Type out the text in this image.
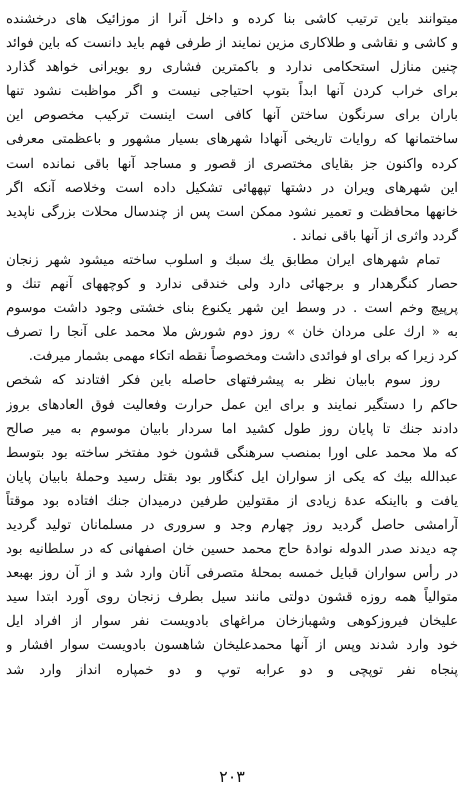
میتوانند باین ترتیب کاشی بنا کرده و داخل آنرا از موزائیک های درخشنده
و کاشی و نقاشی و طلاکاری مزین نمایند از طرفی فهم باید دانست که باین فوائد
چنین منازل استحکامی ندارد و باکمترین فشاری رو بویرانی خواهد گذارد
برای خراب کردن آنها ابداً بتوپ احتیاجی نیست و اگر مواظبت نشود تنها
باران برای سرنگون ساختن آنها کافی است اینست ترکیب مخصوص این
ساختمانها که روایات تاریخی آنهادا شهرهای بسیار مشهور و باعظمتی معرفی
کرده واکنون جز بقایای مختصری از قصور و مساجد آنها باقی نمانده است
این شهرهای ویران در دشتها تپههائی تشکیل داده است وخلاصه آنکه اگر
خانهها محافظت و تعمیر نشود ممکن است پس از چندسال محلات بزرگی ناپدید
گردد واثری از آنها باقی نماند .
تمام شهرهای ایران مطابق یك سبك و اسلوب ساخته میشود شهر زنجان
حصار کنگرهدار و برجهائی دارد ولی خندقی ندارد و کوچههای آنهم تنك و
پرپیچ وخم است . در وسط این شهر یکنوع بنای خشتی وجود داشت موسوم
به « ارك علی مردان خان » روز دوم شورش ملا محمد علی آنجا را تصرف
کرد زیرا که برای او فوائدی داشت ومخصوصاً نقطه اتکاء مهمی بشمار میرفت.
روز سوم بابیان نظر به پیشرفتهای حاصله باین فکر افتادند که شخص
حاکم را دستگیر نمایند و برای این عمل حرارت وفعالیت فوق العادهای بروز
دادند جنك تا پایان روز طول کشید اما سردار بابیان موسوم به میر صالح
که ملا محمد علی اورا بمنصب سرهنگی قشون خود مفتخر ساخته بود بتوسط
عبدالله بیك که یکی از سواران ایل کنگاور بود بقتل رسید وحملهٔ بابیان پایان
یافت و بااینکه عدهٔ زیادی از مقتولین طرفین درمیدان جنك افتاده بود موقتاً
آرامشی حاصل گردید روز چهارم وجد و سروری در مسلمانان تولید گردید
چه دیدند صدر الدوله نوادهٔ حاج محمد حسین خان اصفهانی که در سلطانیه بود
در رأس سواران قبایل خمسه بمحلهٔ متصرفی آنان وارد شد و از آن روز بهبعد
متوالیاً همه روزه قشون دولتی مانند سیل بطرف زنجان روی آورد ابتدا سید
علیخان فیروزکوهی وشهبازخان مراغهای بادویست نفر سوار از افراد ایل
خود وارد شدند وپس از آنها محمدعلیخان شاهسون بادویست سوار افشار و
پنجاه نفر توپچی و دو عرابه توپ و دو خمپاره انداز وارد شد
۲۰۳
